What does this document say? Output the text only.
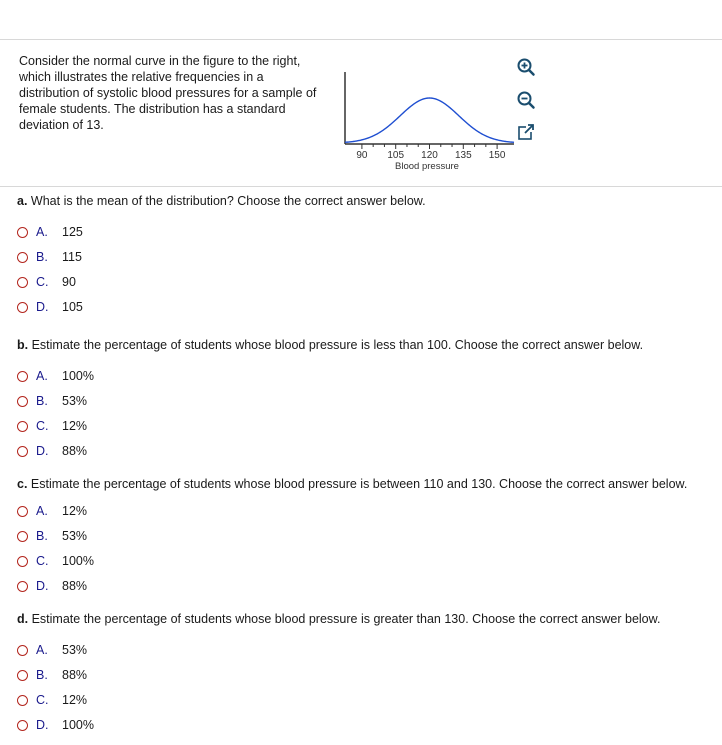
Consider the normal curve in the figure to the right, which illustrates the relative frequencies in a distribution of systolic blood pressures for a sample of female students. The distribution has a standard deviation of 13.
90 105 120 135 150
Blood pressure
a. What is the mean of the distribution? Choose the correct answer below.
A.	125
B.	115
C.	90
D.	105
b. Estimate the percentage of students whose blood pressure is less than 100. Choose the correct answer below.
A.	100%
B.	53%
C.	12%
D.	88%
c. Estimate the percentage of students whose blood pressure is between 110 and 130. Choose the correct answer below.
A.	12%
B.	53%
C.	100%
D.	88%
d. Estimate the percentage of students whose blood pressure is greater than 130. Choose the correct answer below.
A.	53%
B.	88%
C.	12%
D.	100%
